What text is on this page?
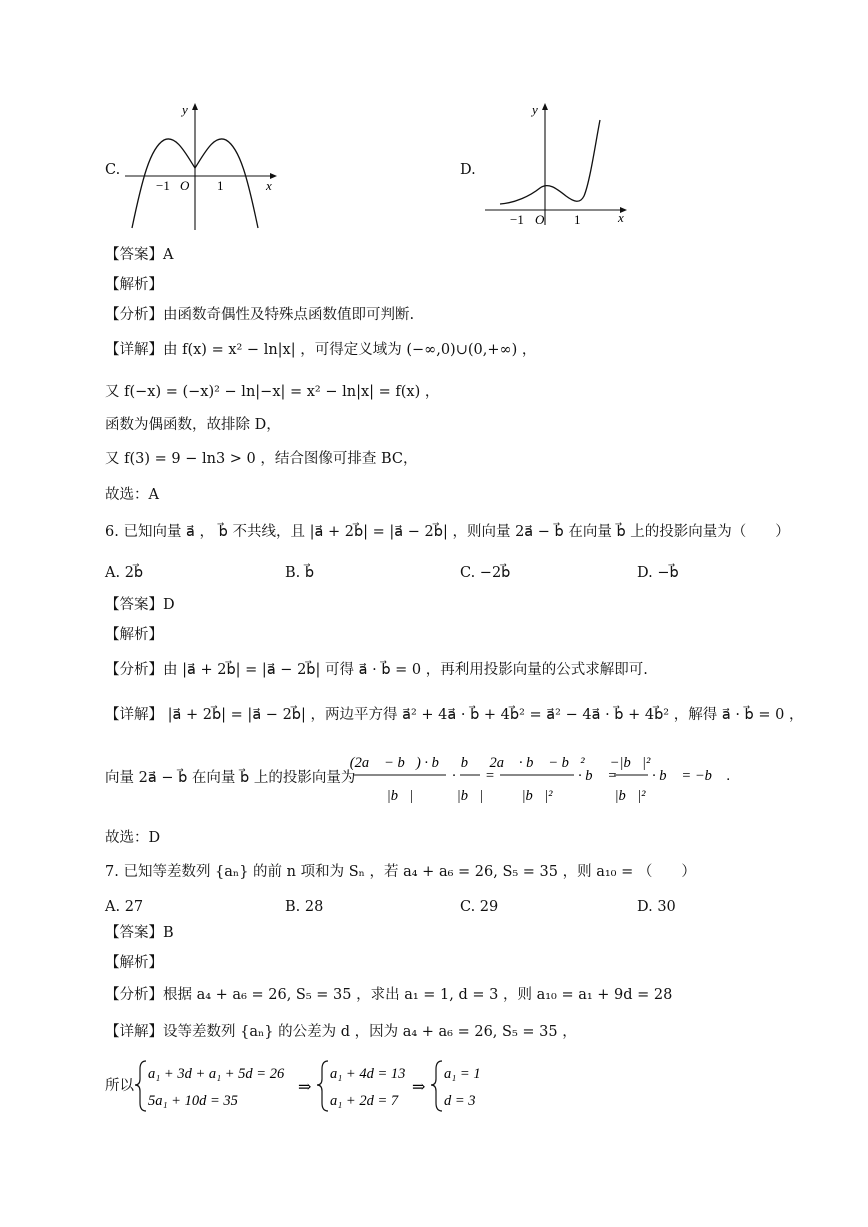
C.
y
x
−1 O 1
D.
y
x
−1 O 1
【答案】A
【解析】
【分析】由函数奇偶性及特殊点函数值即可判断.
【详解】由 f(x) = x² − ln|x| ，可得定义域为 (−∞,0)∪(0,+∞) ，
又 f(−x) = (−x)² − ln|−x| = x² − ln|x| = f(x) ，
函数为偶函数，故排除 D，
又 f(3) = 9 − ln3 > 0 ，结合图像可排查 BC，
故选：A
6. 已知向量 a⃗ ， b⃗ 不共线，且 |a⃗ + 2b⃗| = |a⃗ − 2b⃗| ，则向量 2a⃗ − b⃗ 在向量 b⃗ 上的投影向量为（　　）
A. 2b⃗	B. b⃗	C. −2b⃗	D. −b⃗
【答案】D
【解析】
【分析】由 |a⃗ + 2b⃗| = |a⃗ − 2b⃗| 可得 a⃗ · b⃗ = 0 ，再利用投影向量的公式求解即可.
【详解】 |a⃗ + 2b⃗| = |a⃗ − 2b⃗| ，两边平方得 a⃗² + 4a⃗ · b⃗ + 4b⃗² = a⃗² − 4a⃗ · b⃗ + 4b⃗² ，解得 a⃗ · b⃗ = 0 ，
向量 2a⃗ − b⃗ 在向量 b⃗ 上的投影向量为
(2a⃗ − b⃗) · b⃗
|b⃗|
·
b⃗
|b⃗|
=
2a⃗ · b⃗ − b⃗²
|b⃗|²
· b⃗ =
−|b⃗|²
|b⃗|²
· b⃗ = −b⃗ .
故选：D
7. 已知等差数列 {aₙ} 的前 n 项和为 Sₙ ，若 a₄ + a₆ = 26, S₅ = 35 ，则 a₁₀ = （　　）
A. 27	B. 28	C. 29	D. 30
【答案】B
【解析】
【分析】根据 a₄ + a₆ = 26, S₅ = 35 ，求出 a₁ = 1, d = 3 ，则 a₁₀ = a₁ + 9d = 28
【详解】设等差数列 {aₙ} 的公差为 d ，因为 a₄ + a₆ = 26, S₅ = 35 ，
所以
a₁ + 3d + a₁ + 5d = 26
5a₁ + 10d = 35
⇒
a₁ + 4d = 13
a₁ + 2d = 7
⇒
a₁ = 1
d = 3
